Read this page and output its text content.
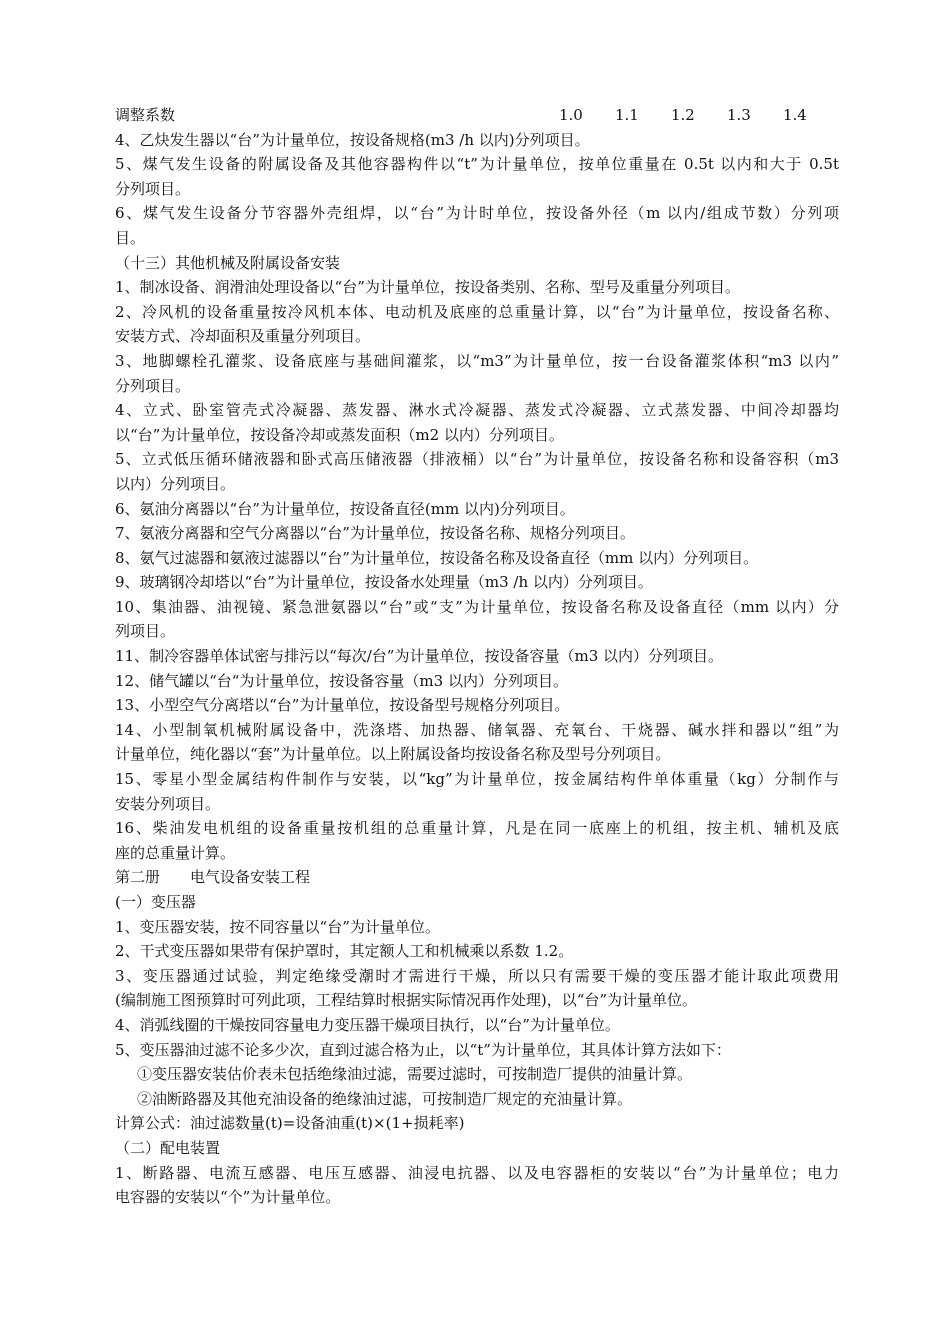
调整系数	1.0 1.1 1.2 1.3 1.4
4、乙炔发生器以“台”为计量单位，按设备规格(m3 /h 以内)分列项目。
5、煤气发生设备的附属设备及其他容器构件以“t”为计量单位，按单位重量在 0.5t 以内和大于 0.5t
分列项目。
6、煤气发生设备分节容器外壳组焊，以“台”为计时单位，按设备外径（m 以内/组成节数）分列项
目。
（十三）其他机械及附属设备安装
1、制冰设备、润滑油处理设备以“台”为计量单位，按设备类别、名称、型号及重量分列项目。
2、冷风机的设备重量按冷风机本体、电动机及底座的总重量计算，以“台”为计量单位，按设备名称、
安装方式、冷却面积及重量分列项目。
3、地脚螺栓孔灌浆、设备底座与基础间灌浆，以“m3”为计量单位，按一台设备灌浆体积“m3 以内”
分列项目。
4、立式、卧室管壳式冷凝器、蒸发器、淋水式冷凝器、蒸发式冷凝器、立式蒸发器、中间冷却器均
以“台”为计量单位，按设备冷却或蒸发面积（m2 以内）分列项目。
5、立式低压循环储液器和卧式高压储液器（排液桶）以“台”为计量单位，按设备名称和设备容积（m3
以内）分列项目。
6、氨油分离器以“台”为计量单位，按设备直径(mm 以内)分列项目。
7、氨液分离器和空气分离器以“台”为计量单位，按设备名称、规格分列项目。
8、氨气过滤器和氨液过滤器以“台”为计量单位，按设备名称及设备直径（mm 以内）分列项目。
9、玻璃钢冷却塔以“台”为计量单位，按设备水处理量（m3 /h 以内）分列项目。
10、集油器、油视镜、紧急泄氨器以“台”或“支”为计量单位，按设备名称及设备直径（mm 以内）分
列项目。
11、制冷容器单体试密与排污以“每次/台”为计量单位，按设备容量（m3 以内）分列项目。
12、储气罐以“台“为计量单位，按设备容量（m3 以内）分列项目。
13、小型空气分离塔以“台”为计量单位，按设备型号规格分列项目。
14、小型制氧机械附属设备中，洗涤塔、加热器、储氧器、充氧台、干烧器、碱水拌和器以“组”为
计量单位，纯化器以“套”为计量单位。以上附属设备均按设备名称及型号分列项目。
15、零星小型金属结构件制作与安装，以“kg”为计量单位，按金属结构件单体重量（kg）分制作与
安装分列项目。
16、柴油发电机组的设备重量按机组的总重量计算，凡是在同一底座上的机组，按主机、辅机及底
座的总重量计算。
第二册　　电气设备安装工程
(一）变压器
1、变压器安装，按不同容量以“台”为计量单位。
2、干式变压器如果带有保护罩时，其定额人工和机械乘以系数 1.2。
3、变压器通过试验，判定绝缘受潮时才需进行干燥，所以只有需要干燥的变压器才能计取此项费用
(编制施工图预算时可列此项，工程结算时根据实际情况再作处理)，以“台”为计量单位。
4、消弧线圈的干燥按同容量电力变压器干燥项目执行，以“台”为计量单位。
5、变压器油过滤不论多少次，直到过滤合格为止，以“t”为计量单位，其具体计算方法如下：
①变压器安装估价表未包括绝缘油过滤，需要过滤时，可按制造厂提供的油量计算。
②油断路器及其他充油设备的绝缘油过滤，可按制造厂规定的充油量计算。
计算公式：油过滤数量(t)=设备油重(t)×(1+损耗率)
（二）配电装置
1、断路器、电流互感器、电压互感器、油浸电抗器、以及电容器柜的安装以“台”为计量单位；电力
电容器的安装以“个”为计量单位。
